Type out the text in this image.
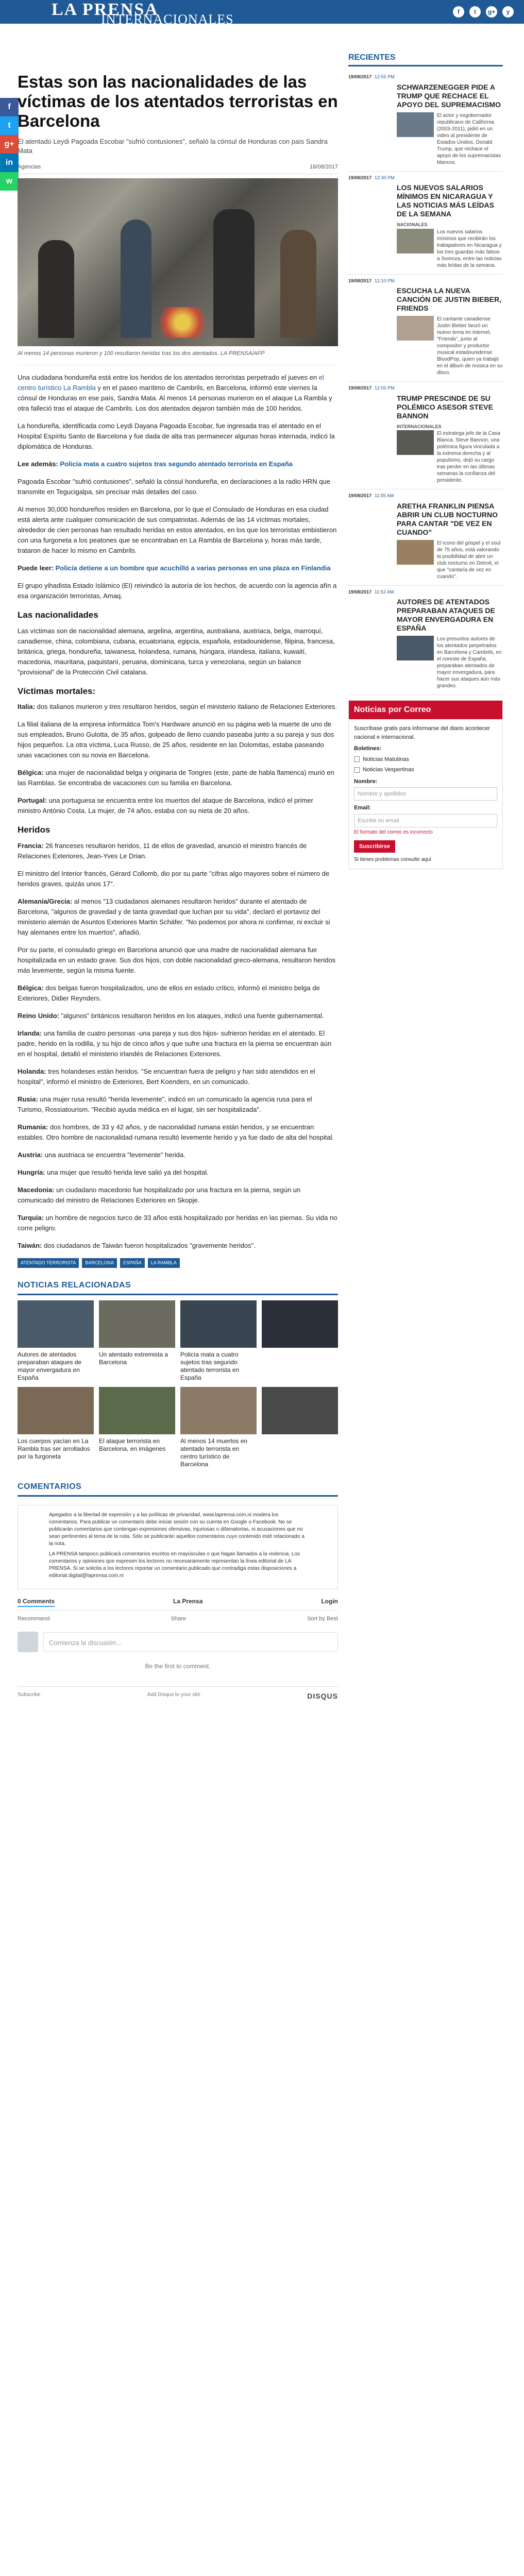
LA PRENSA
INTERNACIONALES	f	t	g+	y
f
t
g+
in
w
Estas son las nacionalidades de las víctimas de los atentados terroristas en Barcelona
El atentado Leydi Pagoada Escobar "sufrió contusiones", señaló la cónsul de Honduras con país Sandra Mata
Agencias	18/08/2017
Al menos 14 personas murieron y 100 resultaron heridas tras los dos atentados. LA PRENSA/AFP

Una ciudadana hondureña está entre los heridos de los atentados terroristas perpetrado el jueves en el centro turístico La Rambla y en el paseo marítimo de Cambrils, en Barcelona, informó este viernes la cónsul de Honduras en ese país, Sandra Mata. Al menos 14 personas murieron en el ataque La Rambla y otra falleció tras el ataque de Cambrils. Los dos atentados dejaron también más de 100 heridos.

La hondureña, identificada como Leydi Dayana Pagoada Escobar, fue ingresada tras el atentado en el Hospital Espíritu Santo de Barcelona y fue dada de alta tras permanecer algunas horas internada, indicó la diplomática de Honduras.

Lee además: Policía mata a cuatro sujetos tras segundo atentado terrorista en España

Pagoada Escobar "sufrió contusiones", señaló la cónsul hondureña, en declaraciones a la radio HRN que transmite en Tegucigalpa, sin precisar más detalles del caso.

Al menos 30,000 hondureños residen en Barcelona, por lo que el Consulado de Honduras en esa ciudad está alerta ante cualquier comunicación de sus compatriotas. Además de las 14 víctimas mortales, alrededor de cien personas han resultado heridas en estos atentados, en los que los terroristas embistieron con una furgoneta a los peatones que se encontraban en La Rambla de Barcelona y, horas más tarde, trataron de hacer lo mismo en Cambrils.

Puede leer: Policía detiene a un hombre que acuchilló a varias personas en una plaza en Finlandia

El grupo yihadista Estado Islámico (EI) reivindicó la autoría de los hechos, de acuerdo con la agencia afín a esa organización terroristas, Amaq.

Las nacionalidades

Las víctimas son de nacionalidad alemana, argelina, argentina, australiana, austriaca, belga, marroquí, canadiense, china, colombiana, cubana, ecuatoriana, egipcia, española, estadounidense, filipina, francesa, británica, griega, hondureña, taiwanesa, holandesa, rumana, húngara, irlandesa, italiana, kuwaití, macedonia, mauritana, paquistaní, peruana, dominicana, turca y venezolana, según un balance "provisional" de la Protección Civil catalana.

Víctimas mortales:

Italia: dos italianos murieron y tres resultaron heridos, según el ministerio italiano de Relaciones Exteriores.

La filial italiana de la empresa informática Tom's Hardware anunció en su página web la muerte de uno de sus empleados, Bruno Gulotta, de 35 años, golpeado de lleno cuando paseaba junto a su pareja y sus dos hijos pequeños. La otra víctima, Luca Russo, de 25 años, residente en las Dolomitas, estaba paseando unas vacaciones con su novia en Barcelona.

Bélgica: una mujer de nacionalidad belga y originaria de Tongres (este, parte de habla flamenca) murió en las Ramblas. Se encontraba de vacaciones con su familia en Barcelona.

Portugal: una portuguesa se encuentra entre los muertos del ataque de Barcelona, indicó el primer ministro António Costa. La mujer, de 74 años, estaba con su nieta de 20 años.

Heridos

Francia: 26 franceses resultaron heridos, 11 de ellos de gravedad, anunció el ministro francés de Relaciones Exteriores, Jean-Yves Le Drian.

El ministro del Interior francés, Gérard Collomb, dio por su parte "cifras algo mayores sobre el número de heridos graves, quizás unos 17".

Alemania/Grecia: al menos "13 ciudadanos alemanes resultaron heridos" durante el atentado de Barcelona, "algunos de gravedad y de tanta gravedad que luchan por su vida", declaró el portavoz del ministerio alemán de Asuntos Exteriores Martin Schäfer. "No podemos por ahora ni confirmar, ni excluir si hay alemanes entre los muertos", añadió.

Por su parte, el consulado griego en Barcelona anunció que una madre de nacionalidad alemana fue hospitalizada en un estado grave. Sus dos hijos, con doble nacionalidad greco-alemana, resultaron heridos más levemente, según la misma fuente.

Bélgica: dos belgas fueron hospitalizados, uno de ellos en estado crítico, informó el ministro belga de Exteriores, Didier Reynders.

Reino Unido: "algunos" británicos resultaron heridos en los ataques, indicó una fuente gubernamental.

Irlanda: una familia de cuatro personas -una pareja y sus dos hijos- sufrieron heridas en el atentado. El padre, herido en la rodilla, y su hijo de cinco años y que sufre una fractura en la pierna se encuentran aún en el hospital, detalló el ministerio irlandés de Relaciones Exteriores.

Holanda: tres holandeses están heridos. "Se encuentran fuera de peligro y han sido atendidos en el hospital", informó el ministro de Exteriores, Bert Koenders, en un comunicado.

Rusia: una mujer rusa resultó "herida levemente", indicó en un comunicado la agencia rusa para el Turismo, Rossiatourism. "Recibió ayuda médica en el lugar, sin ser hospitalizada".

Rumania: dos hombres, de 33 y 42 años, y de nacionalidad rumana están heridos, y se encuentran estables. Otro hombre de nacionalidad rumana resultó levemente herido y ya fue dado de alta del hospital.

Austria: una austriaca se encuentra "levemente" herida.

Hungría: una mujer que resultó herida leve salió ya del hospital.

Macedonia: un ciudadano macedonio fue hospitalizado por una fractura en la pierna, según un comunicado del ministro de Relaciones Exteriores en Skopje.

Turquía: un hombre de negocios turco de 33 años está hospitalizado por heridas en las piernas. Su vida no corre peligro.

Taiwán: dos ciudadanos de Taiwán fueron hospitalizados "gravemente heridos".

ATENTADO TERRORISTA	BARCELONA	ESPAÑA	LA RAMBLA
NOTICIAS RELACIONADAS
Autores de atentados preparaban ataques de mayor envergadura en España
Un atentado extremista a Barcelona
Policía mata a cuatro sujetos tras segundo atentado terrorista en España
Los cuerpos yacían en La Rambla tras ser arrollados por la furgoneta
El ataque terrorista en Barcelona, en imágenes
Al menos 14 muertos en atentado terrorista en centro turístico de Barcelona
COMENTARIOS

Apegados a la libertad de expresión y a las políticas de privacidad, www.laprensa.com.ni modera los comentarios. Para publicar un comentario debe iniciar sesión con su cuenta en Google o Facebook. No se publicarán comentarios que contengan expresiones ofensivas, injuriosas o difamatorias, ni acusaciones que no sean pertinentes al tema de la nota. Sólo se publicarán aquellos comentarios cuyo contenido esté relacionado a la nota.

LA PRENSA tampoco publicará comentarios escritos en mayúsculas o que hagan llamados a la violencia. Los comentarios y opiniones que expresen los lectores no necesariamente representan la línea editorial de LA PRENSA. Si se solicita a los lectores reportar un comentario publicado que contradiga estas disposiciones a editorial.digital@laprensa.com.ni

0 Comments	La Prensa	Login
Recommend	Share	Sort by Best
Comienza la discusión...
Be the first to comment.
Subscribe	Add Disqus to your site	DISQUS
RECIENTES
19/08/2017 12:55 PM
SCHWARZENEGGER PIDE A TRUMP QUE RECHACE EL APOYO DEL SUPREMACISMO
El actor y exgobernador republicano de California (2003-2011), pidió en un video al presidente de Estados Unidos, Donald Trump, que rechace el apoyo de los supremacistas blancos.
19/08/2017 12:30 PM
LOS NUEVOS SALARIOS MÍNIMOS EN NICARAGUA Y LAS NOTICIAS MÁS LEÍDAS DE LA SEMANA
NACIONALES
Los nuevos salarios mínimos que recibirán los trabajadores en Nicaragua y los tres guardas más falsos a Somoza, entre las noticias más leídas de la semana.
19/08/2017 12:10 PM
ESCUCHA LA NUEVA CANCIÓN DE JUSTIN BIEBER, FRIENDS
El cantante canadiense Justin Bieber lanzó un nuevo tema en internet, "Friends", junto al compositor y productor musical estadounidense BloodPop, quien ya trabajó en el álbum de música en su disco.
19/08/2017 12:00 PM
TRUMP PRESCINDE DE SU POLÉMICO ASESOR STEVE BANNON
INTERNACIONALES
El estratega jefe de la Casa Blanca, Steve Bannon, una polémica figura vinculada a la extrema derecha y al populismo, dejó su cargo tras perder en las últimas semanas la confianza del presidente.
19/08/2017 11:55 AM
ARETHA FRANKLIN PIENSA ABRIR UN CLUB NOCTURNO PARA CANTAR "DE VEZ EN CUANDO"
El icono del góspel y el soul de 75 años, está valorando la posibilidad de abrir un club nocturno en Detroit, el que "cantaría de vez en cuando".
19/08/2017 11:52 AM
AUTORES DE ATENTADOS PREPARABAN ATAQUES DE MAYOR ENVERGADURA EN ESPAÑA
Los presuntos autores de los atentados perpetrados en Barcelona y Cambrils, en el noreste de España, preparaban atentados de mayor envergadura, para hacer sus ataques aún más grandes.
Noticias por Correo
Suscríbase gratis para informarse del diario acontecer nacional e internacional.
Boletines:
Noticias Matutinas
Noticias Vespertinas
Nombre:
Nombre y apellidos
Email:
Escribe su email
El formato del correo es incorrecto
Suscribirse
Si tienes problemas consulte aquí
